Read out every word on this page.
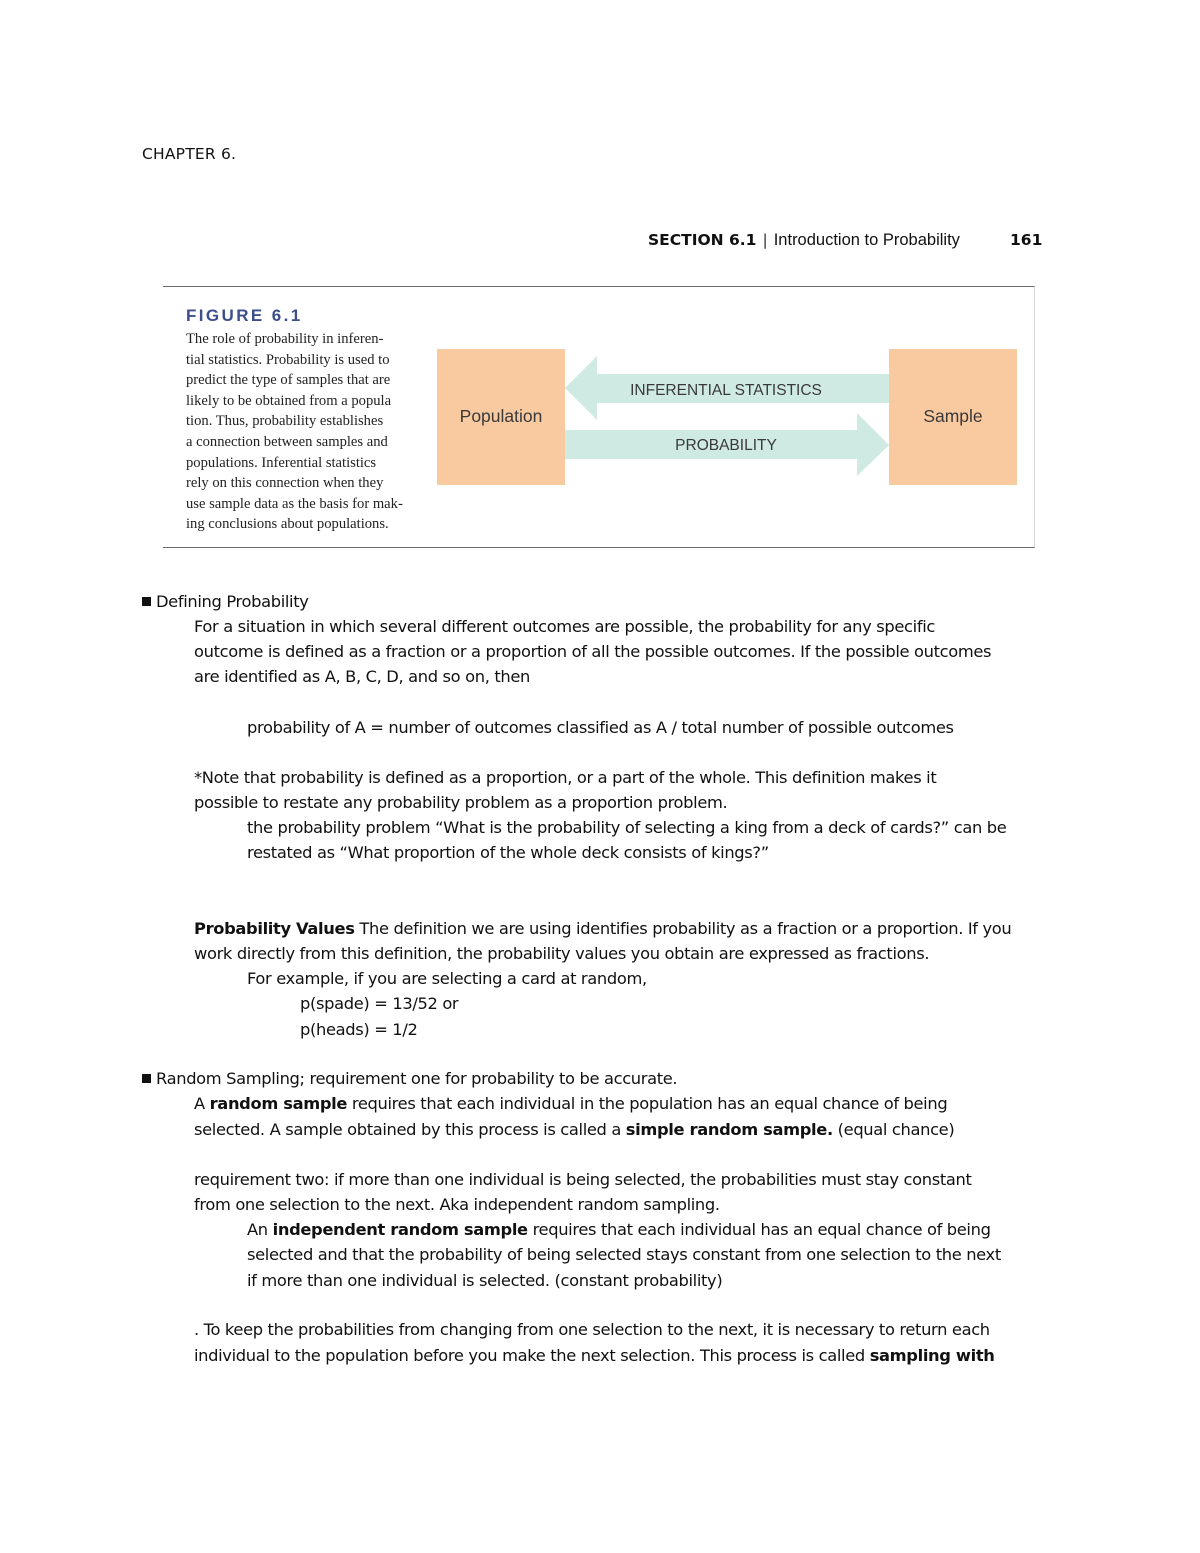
CHAPTER 6.
SECTION 6.1 | Introduction to Probability	161
FIGURE 6.1
The role of probability in inferen-
tial statistics. Probability is used to
predict the type of samples that are
likely to be obtained from a popula
tion. Thus, probability establishes
a connection between samples and
populations. Inferential statistics
rely on this connection when they
use sample data as the basis for mak-
ing conclusions about populations.
Population	Sample
INFERENTIAL STATISTICS
PROBABILITY
Defining Probability
For a situation in which several different outcomes are possible, the probability for any specific
outcome is defined as a fraction or a proportion of all the possible outcomes. If the possible outcomes
are identified as A, B, C, D, and so on, then
probability of A = number of outcomes classified as A / total number of possible outcomes
*Note that probability is defined as a proportion, or a part of the whole. This definition makes it
possible to restate any probability problem as a proportion problem.
the probability problem “What is the probability of selecting a king from a deck of cards?” can be
restated as “What proportion of the whole deck consists of kings?”
Probability Values The definition we are using identifies probability as a fraction or a proportion. If you
work directly from this definition, the probability values you obtain are expressed as fractions.
For example, if you are selecting a card at random,
p(spade) = 13/52 or
p(heads) = 1/2
Random Sampling; requirement one for probability to be accurate.
A random sample requires that each individual in the population has an equal chance of being
selected. A sample obtained by this process is called a simple random sample. (equal chance)
requirement two: if more than one individual is being selected, the probabilities must stay constant
from one selection to the next. Aka independent random sampling.
An independent random sample requires that each individual has an equal chance of being
selected and that the probability of being selected stays constant from one selection to the next
if more than one individual is selected. (constant probability)
. To keep the probabilities from changing from one selection to the next, it is necessary to return each
individual to the population before you make the next selection. This process is called sampling with
